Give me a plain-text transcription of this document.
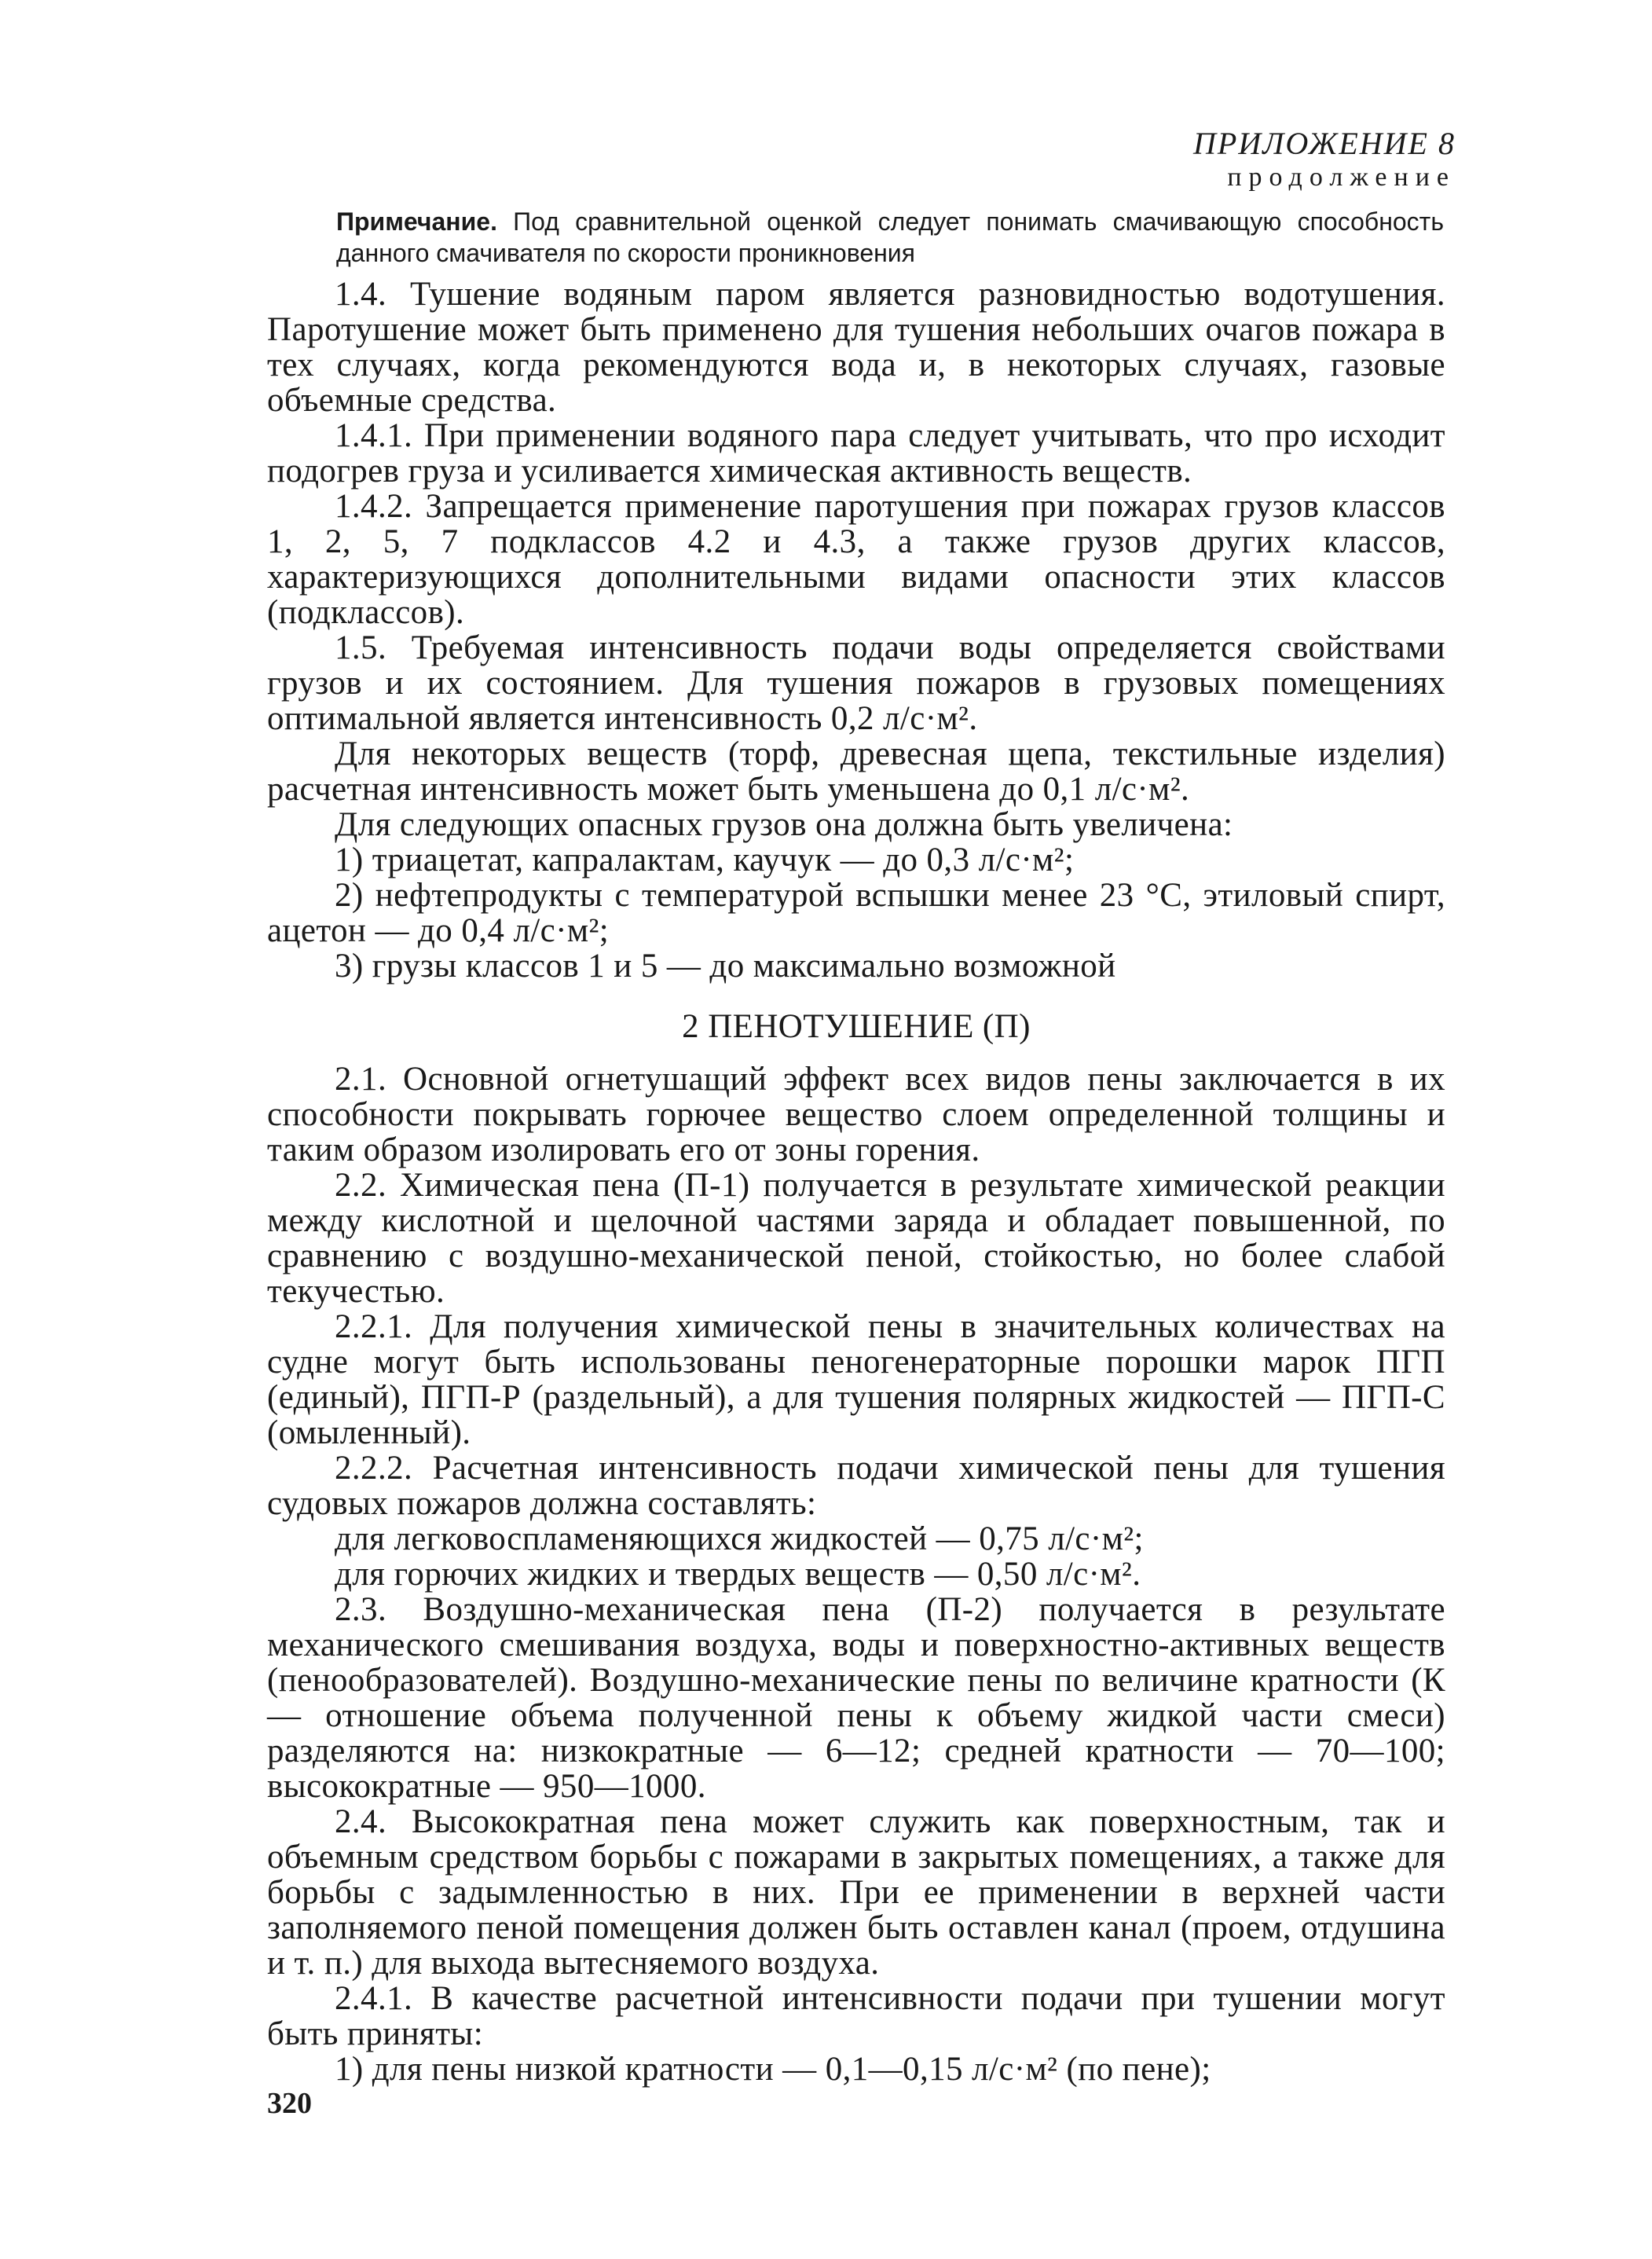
ПРИЛОЖЕНИЕ 8
продолжение
Примечание. Под сравнительной оценкой следует понимать смачивающую способность данного смачивателя по скорости проникновения

1.4. Тушение водяным паром является разновидностью водотушения. Паротушение может быть применено для тушения небольших очагов пожара в тех случаях, когда рекомендуются вода и, в некоторых случаях, газовые объемные средства.

1.4.1. При применении водяного пара следует учитывать, что про исходит подогрев груза и усиливается химическая активность веществ.

1.4.2. Запрещается применение паротушения при пожарах грузов классов 1, 2, 5, 7 подклассов 4.2 и 4.3, а также грузов других классов, характеризующихся дополнительными видами опасности этих классов (подклассов).

1.5. Требуемая интенсивность подачи воды определяется свойствами грузов и их состоянием. Для тушения пожаров в грузовых помещениях оптимальной является интенсивность 0,2 л/с·м².

Для некоторых веществ (торф, древесная щепа, текстильные изделия) расчетная интенсивность может быть уменьшена до 0,1 л/с·м².

Для следующих опасных грузов она должна быть увеличена:

1) триацетат, капралактам, каучук — до 0,3 л/с·м²;

2) нефтепродукты с температурой вспышки менее 23 °С, этиловый спирт, ацетон — до 0,4 л/с·м²;

3) грузы классов 1 и 5 — до максимально возможной

2 ПЕНОТУШЕНИЕ (П)

2.1. Основной огнетушащий эффект всех видов пены заключается в их способности покрывать горючее вещество слоем определенной толщины и таким образом изолировать его от зоны горения.

2.2. Химическая пена (П-1) получается в результате химической реакции между кислотной и щелочной частями заряда и обладает повышенной, по сравнению с воздушно-механической пеной, стойкостью, но более слабой текучестью.

2.2.1. Для получения химической пены в значительных количествах на судне могут быть использованы пеногенераторные порошки марок ПГП (единый), ПГП-Р (раздельный), а для тушения полярных жидкостей — ПГП-С (омыленный).

2.2.2. Расчетная интенсивность подачи химической пены для тушения судовых пожаров должна составлять:

для легковоспламеняющихся жидкостей — 0,75 л/с·м²;

для горючих жидких и твердых веществ — 0,50 л/с·м².

2.3. Воздушно-механическая пена (П-2) получается в результате механического смешивания воздуха, воды и поверхностно-активных веществ (пенообразователей). Воздушно-механические пены по величине кратности (К — отношение объема полученной пены к объему жидкой части смеси) разделяются на: низкократные — 6—12; средней кратности — 70—100; высокократные — 950—1000.

2.4. Высокократная пена может служить как поверхностным, так и объемным средством борьбы с пожарами в закрытых помещениях, а также для борьбы с задымленностью в них. При ее применении в верхней части заполняемого пеной помещения должен быть оставлен канал (проем, отдушина и т. п.) для выхода вытесняемого воздуха.

2.4.1. В качестве расчетной интенсивности подачи при тушении могут быть приняты:

1) для пены низкой кратности — 0,1—0,15 л/с·м² (по пене);

320
